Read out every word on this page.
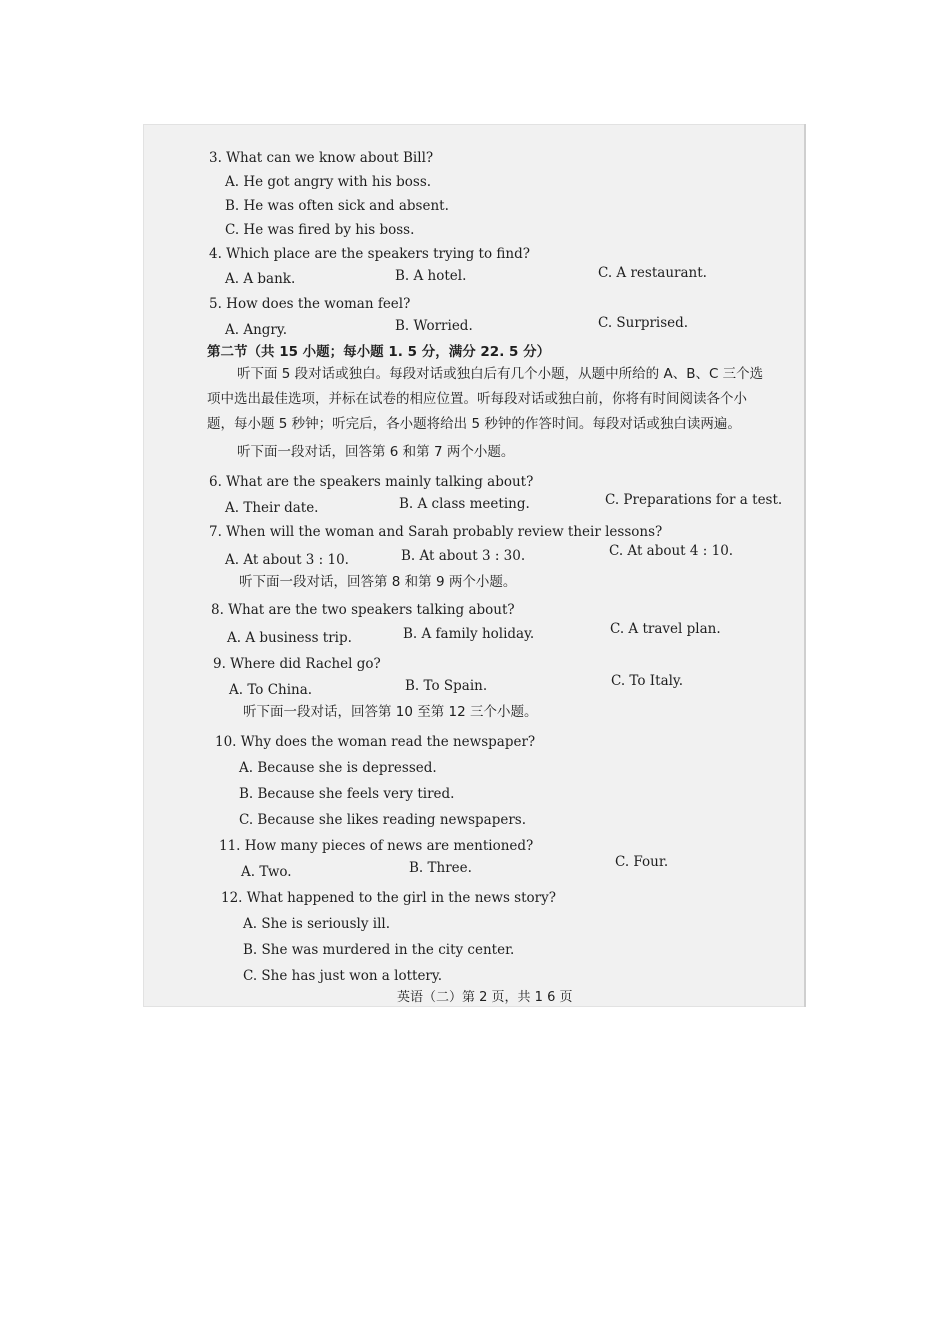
3. What can we know about Bill?
A. He got angry with his boss.
B. He was often sick and absent.
C. He was fired by his boss.
4. Which place are the speakers trying to find?
A. A bank.	B. A hotel.	C. A restaurant.
5. How does the woman feel?
A. Angry.	B. Worried.	C. Surprised.
第二节（共 15 小题；每小题 1. 5 分，满分 22. 5 分）
听下面 5 段对话或独白。每段对话或独白后有几个小题，从题中所给的 A、B、C 三个选
项中选出最佳选项，并标在试卷的相应位置。听每段对话或独白前，你将有时间阅读各个小
题，每小题 5 秒钟；听完后，各小题将给出 5 秒钟的作答时间。每段对话或独白读两遍。
听下面一段对话，回答第 6 和第 7 两个小题。
6. What are the speakers mainly talking about?
A. Their date.	B. A class meeting.	C. Preparations for a test.
7. When will the woman and Sarah probably review their lessons?
A. At about 3 : 10.	B. At about 3 : 30.	C. At about 4 : 10.
听下面一段对话，回答第 8 和第 9 两个小题。
8. What are the two speakers talking about?
A. A business trip.	B. A family holiday.	C. A travel plan.
9. Where did Rachel go?
A. To China.	B. To Spain.	C. To Italy.
听下面一段对话，回答第 10 至第 12 三个小题。
10. Why does the woman read the newspaper?
A. Because she is depressed.
B. Because she feels very tired.
C. Because she likes reading newspapers.
11. How many pieces of news are mentioned?
A. Two.	B. Three.	C. Four.
12. What happened to the girl in the news story?
A. She is seriously ill.
B. She was murdered in the city center.
C. She has just won a lottery.
英语（二）第 2 页，共 1 6 页
